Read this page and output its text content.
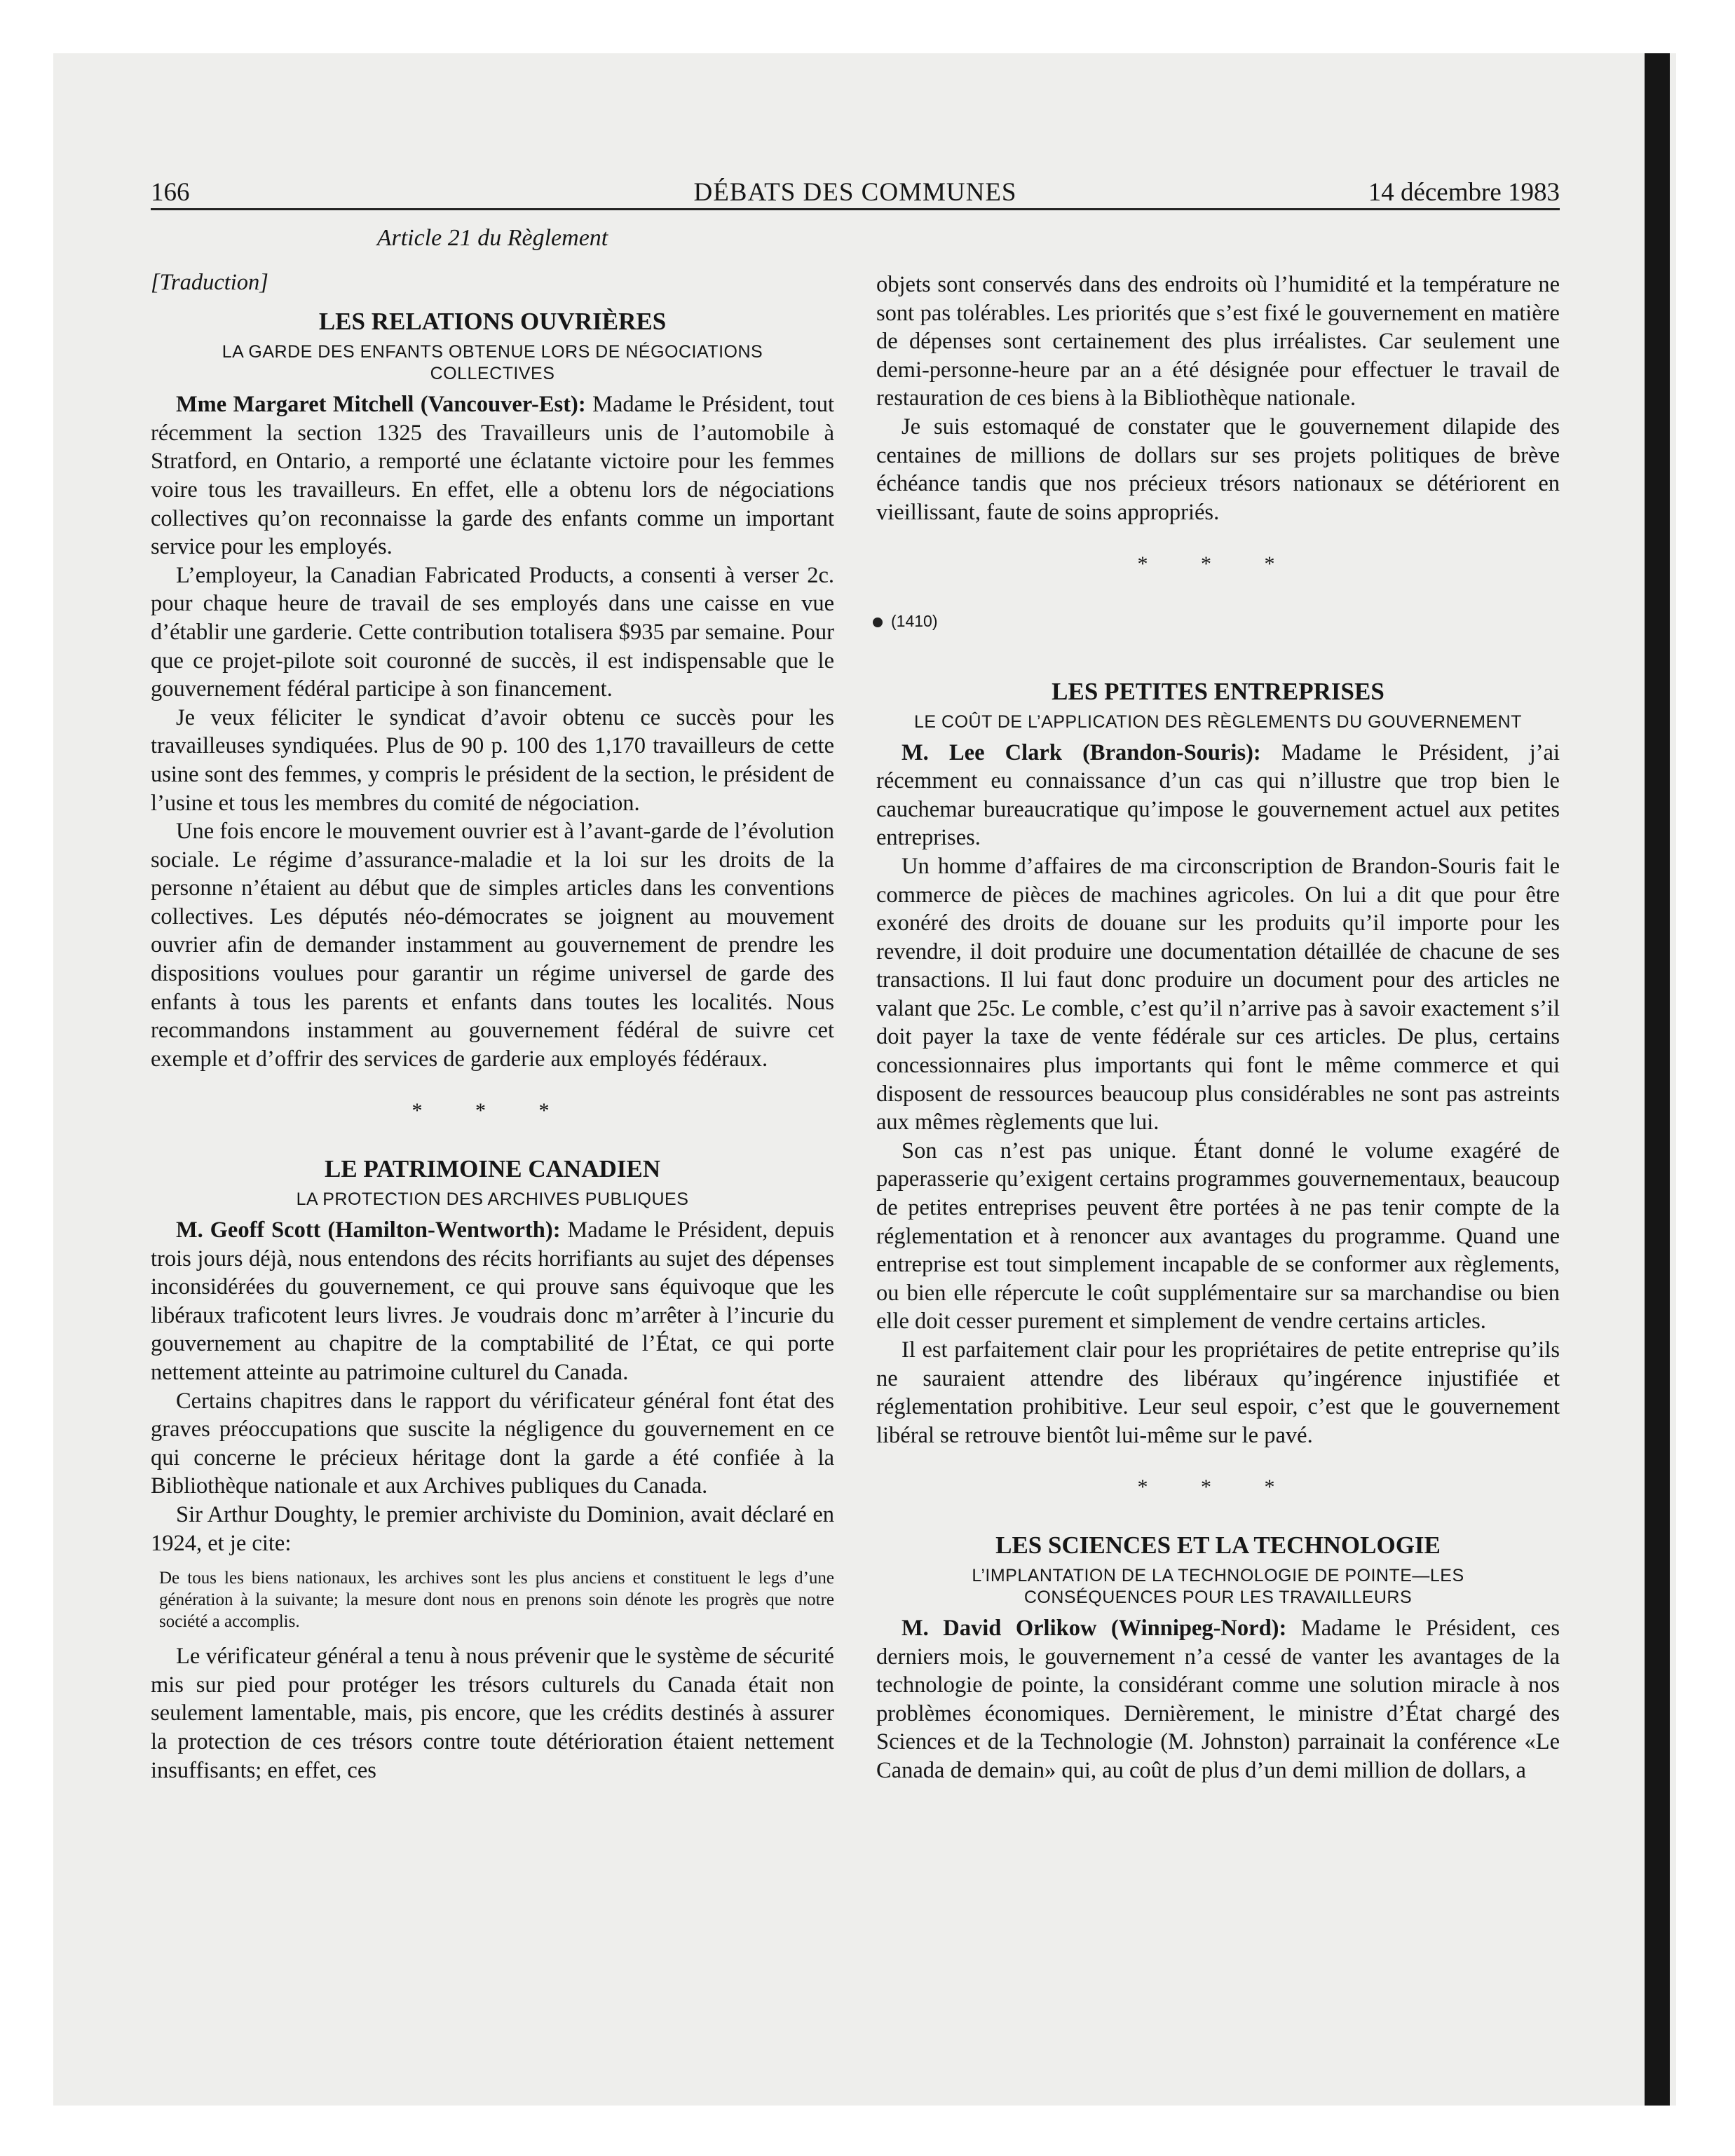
166	DÉBATS DES COMMUNES	14 décembre 1983

Article 21 du Règlement

[Traduction]

LES RELATIONS OUVRIÈRES

LA GARDE DES ENFANTS OBTENUE LORS DE NÉGOCIATIONS COLLECTIVES

Mme Margaret Mitchell (Vancouver-Est): Madame le Président, tout récemment la section 1325 des Travailleurs unis de l’automobile à Stratford, en Ontario, a remporté une éclatante victoire pour les femmes voire tous les travailleurs. En effet, elle a obtenu lors de négociations collectives qu’on reconnaisse la garde des enfants comme un important service pour les employés.

L’employeur, la Canadian Fabricated Products, a consenti à verser 2c. pour chaque heure de travail de ses employés dans une caisse en vue d’établir une garderie. Cette contribution totalisera $935 par semaine. Pour que ce projet-pilote soit couronné de succès, il est indispensable que le gouvernement fédéral participe à son financement.

Je veux féliciter le syndicat d’avoir obtenu ce succès pour les travailleuses syndiquées. Plus de 90 p. 100 des 1,170 travailleurs de cette usine sont des femmes, y compris le président de la section, le président de l’usine et tous les membres du comité de négociation.

Une fois encore le mouvement ouvrier est à l’avant-garde de l’évolution sociale. Le régime d’assurance-maladie et la loi sur les droits de la personne n’étaient au début que de simples articles dans les conventions collectives. Les députés néo-démocrates se joignent au mouvement ouvrier afin de demander instamment au gouvernement de prendre les dispositions voulues pour garantir un régime universel de garde des enfants à tous les parents et enfants dans toutes les localités. Nous recommandons instamment au gouvernement fédéral de suivre cet exemple et d’offrir des services de garderie aux employés fédéraux.

* * *

LE PATRIMOINE CANADIEN

LA PROTECTION DES ARCHIVES PUBLIQUES

M. Geoff Scott (Hamilton-Wentworth): Madame le Président, depuis trois jours déjà, nous entendons des récits horrifiants au sujet des dépenses inconsidérées du gouvernement, ce qui prouve sans équivoque que les libéraux traficotent leurs livres. Je voudrais donc m’arrêter à l’incurie du gouvernement au chapitre de la comptabilité de l’État, ce qui porte nettement atteinte au patrimoine culturel du Canada.

Certains chapitres dans le rapport du vérificateur général font état des graves préoccupations que suscite la négligence du gouvernement en ce qui concerne le précieux héritage dont la garde a été confiée à la Bibliothèque nationale et aux Archives publiques du Canada.

Sir Arthur Doughty, le premier archiviste du Dominion, avait déclaré en 1924, et je cite:

De tous les biens nationaux, les archives sont les plus anciens et constituent le legs d’une génération à la suivante; la mesure dont nous en prenons soin dénote les progrès que notre société a accomplis.

Le vérificateur général a tenu à nous prévenir que le système de sécurité mis sur pied pour protéger les trésors culturels du Canada était non seulement lamentable, mais, pis encore, que les crédits destinés à assurer la protection de ces trésors contre toute détérioration étaient nettement insuffisants; en effet, ces

objets sont conservés dans des endroits où l’humidité et la température ne sont pas tolérables. Les priorités que s’est fixé le gouvernement en matière de dépenses sont certainement des plus irréalistes. Car seulement une demi-personne-heure par an a été désignée pour effectuer le travail de restauration de ces biens à la Bibliothèque nationale.

Je suis estomaqué de constater que le gouvernement dilapide des centaines de millions de dollars sur ses projets politiques de brève échéance tandis que nos précieux trésors nationaux se détériorent en vieillissant, faute de soins appropriés.

* * *

(1410)

LES PETITES ENTREPRISES

LE COÛT DE L’APPLICATION DES RÈGLEMENTS DU GOUVERNEMENT

M. Lee Clark (Brandon-Souris): Madame le Président, j’ai récemment eu connaissance d’un cas qui n’illustre que trop bien le cauchemar bureaucratique qu’impose le gouvernement actuel aux petites entreprises.

Un homme d’affaires de ma circonscription de Brandon-Souris fait le commerce de pièces de machines agricoles. On lui a dit que pour être exonéré des droits de douane sur les produits qu’il importe pour les revendre, il doit produire une documentation détaillée de chacune de ses transactions. Il lui faut donc produire un document pour des articles ne valant que 25c. Le comble, c’est qu’il n’arrive pas à savoir exactement s’il doit payer la taxe de vente fédérale sur ces articles. De plus, certains concessionnaires plus importants qui font le même commerce et qui disposent de ressources beaucoup plus considérables ne sont pas astreints aux mêmes règlements que lui.

Son cas n’est pas unique. Étant donné le volume exagéré de paperasserie qu’exigent certains programmes gouvernementaux, beaucoup de petites entreprises peuvent être portées à ne pas tenir compte de la réglementation et à renoncer aux avantages du programme. Quand une entreprise est tout simplement incapable de se conformer aux règlements, ou bien elle répercute le coût supplémentaire sur sa marchandise ou bien elle doit cesser purement et simplement de vendre certains articles.

Il est parfaitement clair pour les propriétaires de petite entreprise qu’ils ne sauraient attendre des libéraux qu’ingérence injustifiée et réglementation prohibitive. Leur seul espoir, c’est que le gouvernement libéral se retrouve bientôt lui-même sur le pavé.

* * *

LES SCIENCES ET LA TECHNOLOGIE

L’IMPLANTATION DE LA TECHNOLOGIE DE POINTE—LES CONSÉQUENCES POUR LES TRAVAILLEURS

M. David Orlikow (Winnipeg-Nord): Madame le Président, ces derniers mois, le gouvernement n’a cessé de vanter les avantages de la technologie de pointe, la considérant comme une solution miracle à nos problèmes économiques. Dernièrement, le ministre d’État chargé des Sciences et de la Technologie (M. Johnston) parrainait la conférence «Le Canada de demain» qui, au coût de plus d’un demi million de dollars, a
